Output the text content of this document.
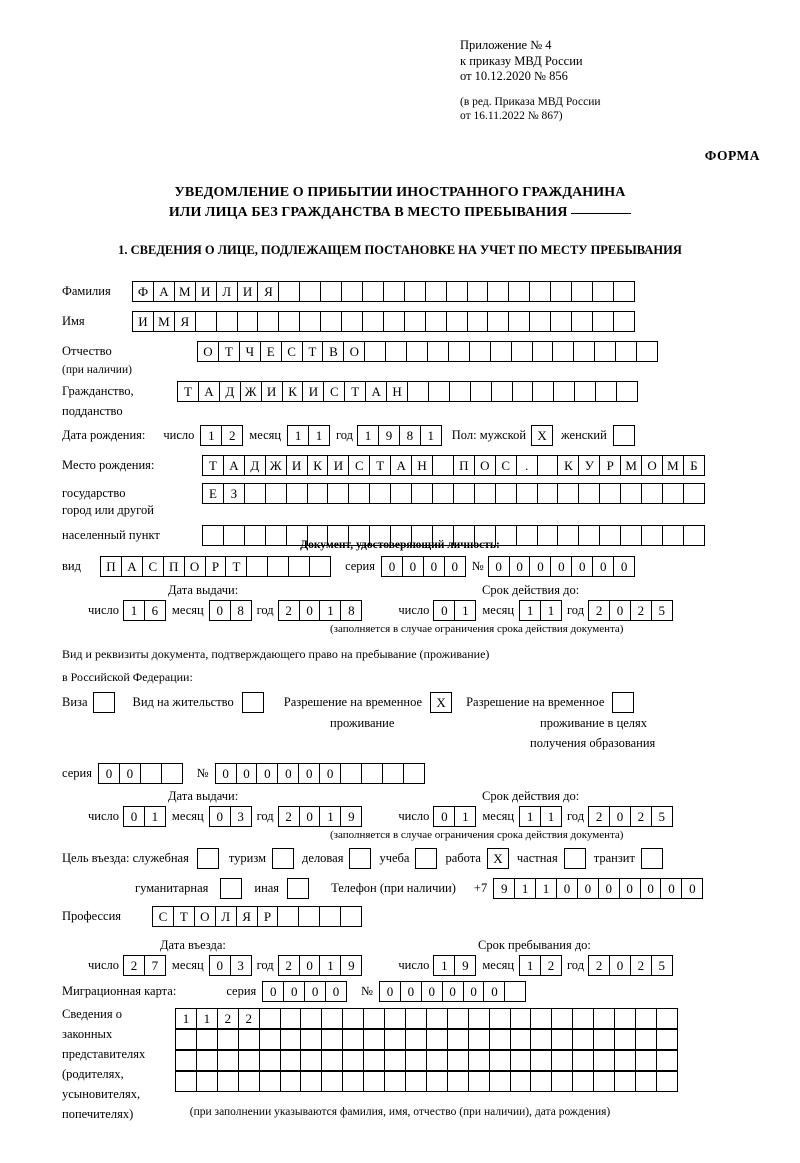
Приложение № 4
к приказу МВД России
от 10.12.2020 № 856
(в ред. Приказа МВД России
от 16.11.2022 № 867)
ФОРМА
УВЕДОМЛЕНИЕ О ПРИБЫТИИ ИНОСТРАННОГО ГРАЖДАНИНА
ИЛИ ЛИЦА БЕЗ ГРАЖДАНСТВА В МЕСТО ПРЕБЫВАНИЯ
1. СВЕДЕНИЯ О ЛИЦЕ, ПОДЛЕЖАЩЕМ ПОСТАНОВКЕ НА УЧЕТ ПО МЕСТУ ПРЕБЫВАНИЯ
Фамилия	Ф А М И Л И Я
Имя	И М Я
Отчество	О Т Ч Е С Т В О
(при наличии)
Гражданство,	Т А Д Ж И К И С Т А Н
подданство
Дата рождения: число	1	2	месяц	1	1	год 1	9	8	1	Пол: мужской X	женский
Место рождения:	Т А Д Ж И К И С Т А Н	П О С	.	К У Р М О М Б
государство	Е	З
город или другой
населенный пункт
Документ, удостоверяющий личность:
вид	П А С П О Р	Т	серия	0	0	0	0	№ 0	0	0	0	0	0	0
Дата выдачи:	Срок действия до:
число 1	6	месяц 0	8	год 2	0	1	8	число 0	1	месяц 1	1	год 2	0	2	5
(заполняется в случае ограничения срока действия документа)
Вид и реквизиты документа, подтверждающего право на пребывание (проживание)
в Российской Федерации:
Виза	Вид на жительство	Разрешение на временное	X	Разрешение на временное
проживание	проживание в целях
получения образования
серия	0	0	№	0	0	0	0	0	0
Дата выдачи:	Срок действия до:
число 0	1	месяц 0	3	год 2	0	1	9	число 0	1	месяц 1	1	год 2	0	2	5
(заполняется в случае ограничения срока действия документа)
Цель въезда: служебная	туризм	деловая	учеба	работа X	частная	транзит
гуманитарная	иная	Телефон (при наличии) +7	9	1	1	0	0	0	0	0	0	0
Профессия	С Т О Л Я Р
Дата въезда:	Срок пребывания до:
число 2	7	месяц 0	3	год 2	0	1	9	число 1	9	месяц 1	2	год 2	0	2	5
Миграционная карта:	серия	0	0	0	0	№	0	0	0	0	0	0
Сведения о
законных
представителях
(родителях,
усыновителях,
попечителях)
1	1	2	2
(при заполнении указываются фамилия, имя, отчество (при наличии), дата рождения)
